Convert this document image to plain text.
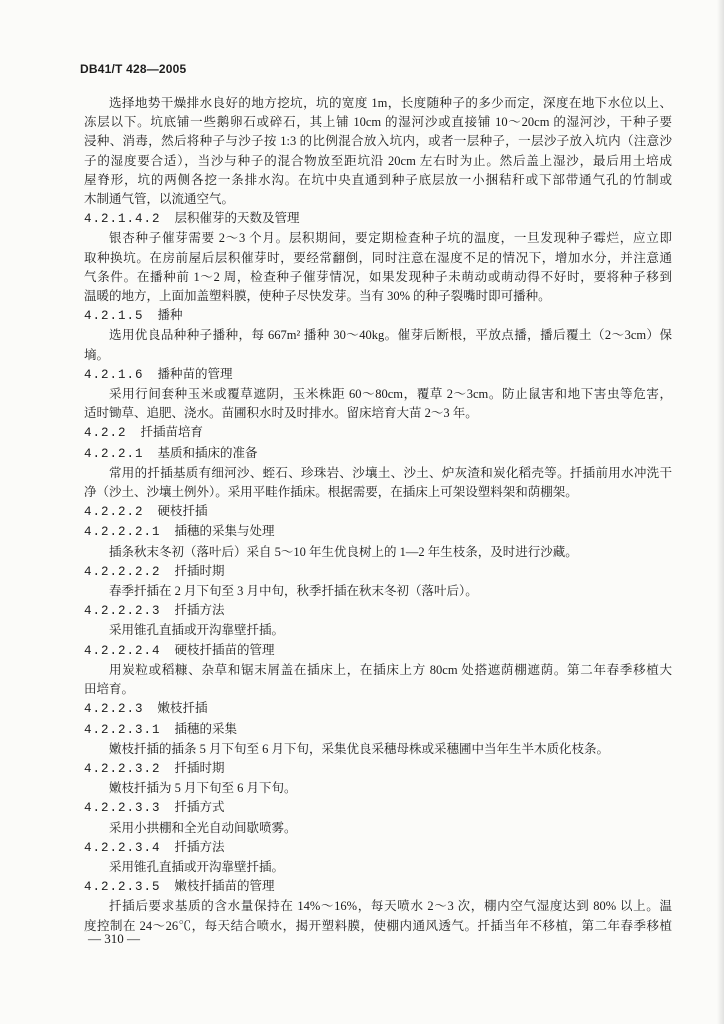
DB41/T 428—2005
选择地势干燥排水良好的地方挖坑，坑的宽度 1m，长度随种子的多少而定，深度在地下水位以上、
冻层以下。坑底铺一些鹅卵石或碎石，其上铺 10cm 的湿河沙或直接铺 10～20cm 的湿河沙，干种子要
浸种、消毒，然后将种子与沙子按 1:3 的比例混合放入坑内，或者一层种子，一层沙子放入坑内（注意沙
子的湿度要合适），当沙与种子的混合物放至距坑沿 20cm 左右时为止。然后盖上湿沙，最后用土培成
屋脊形，坑的两侧各挖一条排水沟。在坑中央直通到种子底层放一小捆秸秆或下部带通气孔的竹制或
木制通气管，以流通空气。
4.2.1.4.2 层积催芽的天数及管理
银杏种子催芽需要 2～3 个月。层积期间，要定期检查种子坑的温度，一旦发现种子霉烂，应立即
取种换坑。在房前屋后层积催芽时，要经常翻倒，同时注意在湿度不足的情况下，增加水分，并注意通
气条件。在播种前 1～2 周，检查种子催芽情况，如果发现种子未萌动或萌动得不好时，要将种子移到
温暖的地方，上面加盖塑料膜，使种子尽快发芽。当有 30% 的种子裂嘴时即可播种。
4.2.1.5 播种
选用优良品种种子播种，每 667m² 播种 30～40kg。催芽后断根，平放点播，播后覆土（2～3cm）保
墒。
4.2.1.6 播种苗的管理
采用行间套种玉米或覆草遮阴，玉米株距 60～80cm，覆草 2～3cm。防止鼠害和地下害虫等危害，
适时锄草、追肥、浇水。苗圃积水时及时排水。留床培育大苗 2～3 年。
4.2.2 扦插苗培育
4.2.2.1 基质和插床的准备
常用的扦插基质有细河沙、蛭石、珍珠岩、沙壤土、沙土、炉灰渣和炭化稻壳等。扦插前用水冲洗干
净（沙土、沙壤土例外）。采用平畦作插床。根据需要，在插床上可架设塑料架和荫棚架。
4.2.2.2 硬枝扦插
4.2.2.2.1 插穗的采集与处理
插条秋末冬初（落叶后）采自 5～10 年生优良树上的 1—2 年生枝条，及时进行沙藏。
4.2.2.2.2 扦插时期
春季扦插在 2 月下旬至 3 月中旬，秋季扦插在秋末冬初（落叶后）。
4.2.2.2.3 扦插方法
采用锥孔直插或开沟靠壁扦插。
4.2.2.2.4 硬枝扦插苗的管理
用炭粒或稻糠、杂草和锯末屑盖在插床上，在插床上方 80cm 处搭遮荫棚遮荫。第二年春季移植大
田培育。
4.2.2.3 嫩枝扦插
4.2.2.3.1 插穗的采集
嫩枝扦插的插条 5 月下旬至 6 月下旬，采集优良采穗母株或采穗圃中当年生半木质化枝条。
4.2.2.3.2 扦插时期
嫩枝扦插为 5 月下旬至 6 月下旬。
4.2.2.3.3 扦插方式
采用小拱棚和全光自动间歇喷雾。
4.2.2.3.4 扦插方法
采用锥孔直插或开沟靠壁扦插。
4.2.2.3.5 嫩枝扦插苗的管理
扦插后要求基质的含水量保持在 14%～16%，每天喷水 2～3 次，棚内空气湿度达到 80% 以上。温
度控制在 24～26℃，每天结合喷水，揭开塑料膜，使棚内通风透气。扦插当年不移植，第二年春季移植
— 310 —
